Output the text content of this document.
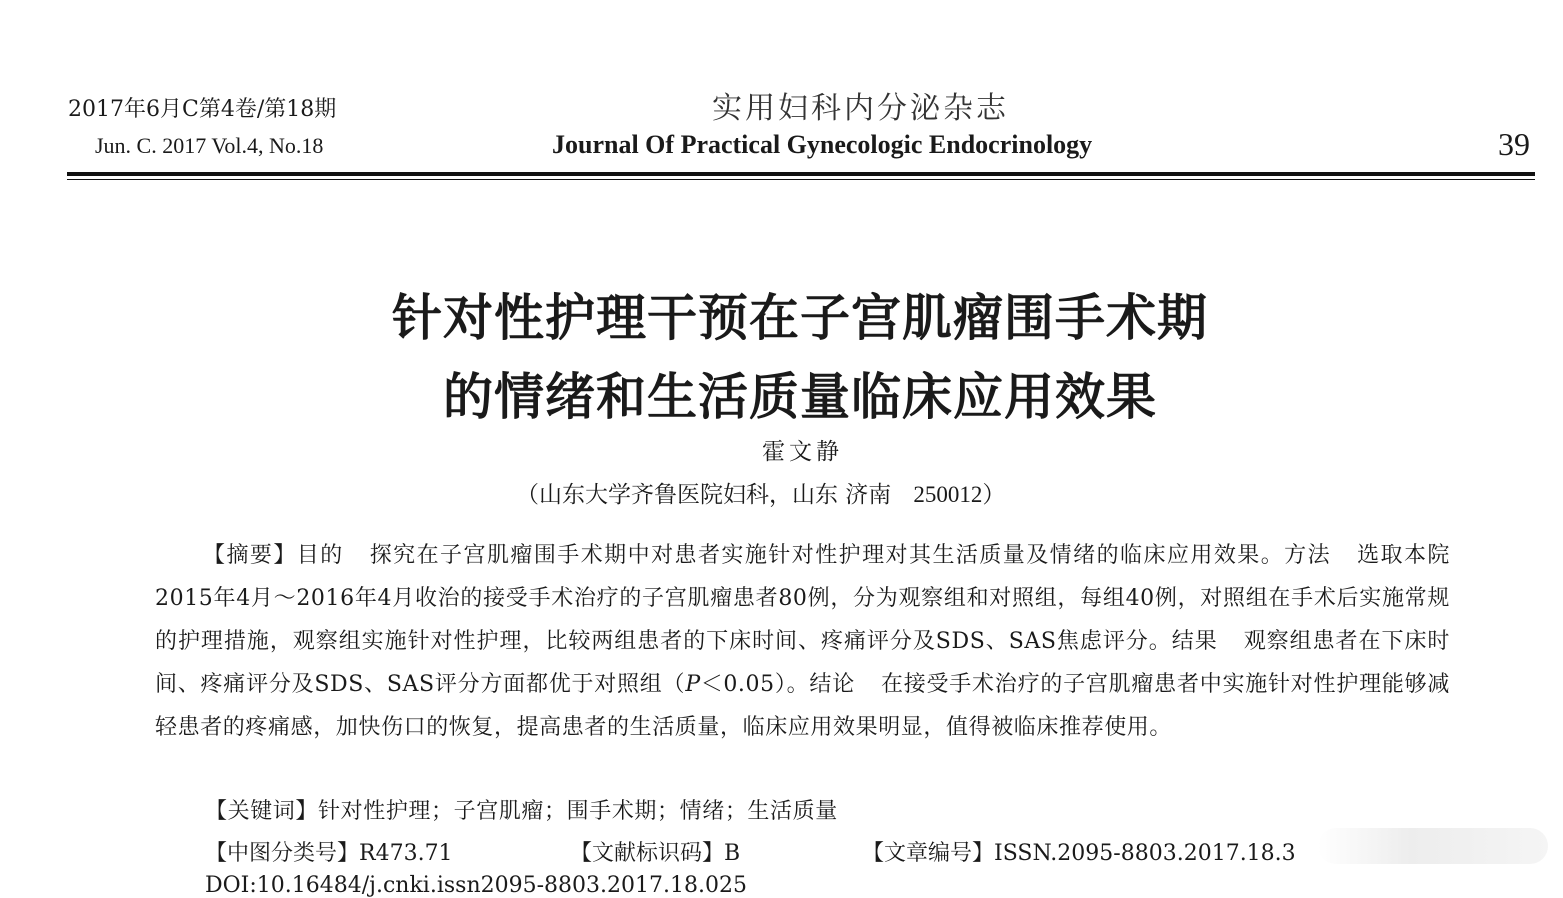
2017年6月C第4卷/第18期
Jun. C. 2017 Vol.4, No.18
实用妇科内分泌杂志
Journal Of Practical Gynecologic Endocrinology	39
针对性护理干预在子宫肌瘤围手术期
的情绪和生活质量临床应用效果
霍文静
（山东大学齐鲁医院妇科，山东 济南 250012）
【摘要】目的 探究在子宫肌瘤围手术期中对患者实施针对性护理对其生活质量及情绪的临床应用效果。方法 选取本院2015年4月～2016年4月收治的接受手术治疗的子宫肌瘤患者80例，分为观察组和对照组，每组40例，对照组在手术后实施常规的护理措施，观察组实施针对性护理，比较两组患者的下床时间、疼痛评分及SDS、SAS焦虑评分。结果 观察组患者在下床时间、疼痛评分及SDS、SAS评分方面都优于对照组（P＜0.05）。结论 在接受手术治疗的子宫肌瘤患者中实施针对性护理能够减轻患者的疼痛感，加快伤口的恢复，提高患者的生活质量，临床应用效果明显，值得被临床推荐使用。
【关键词】针对性护理；子宫肌瘤；围手术期；情绪；生活质量
【中图分类号】R473.71	【文献标识码】B	【文章编号】ISSN.2095-8803.2017.18.3
DOI:10.16484/j.cnki.issn2095-8803.2017.18.025
